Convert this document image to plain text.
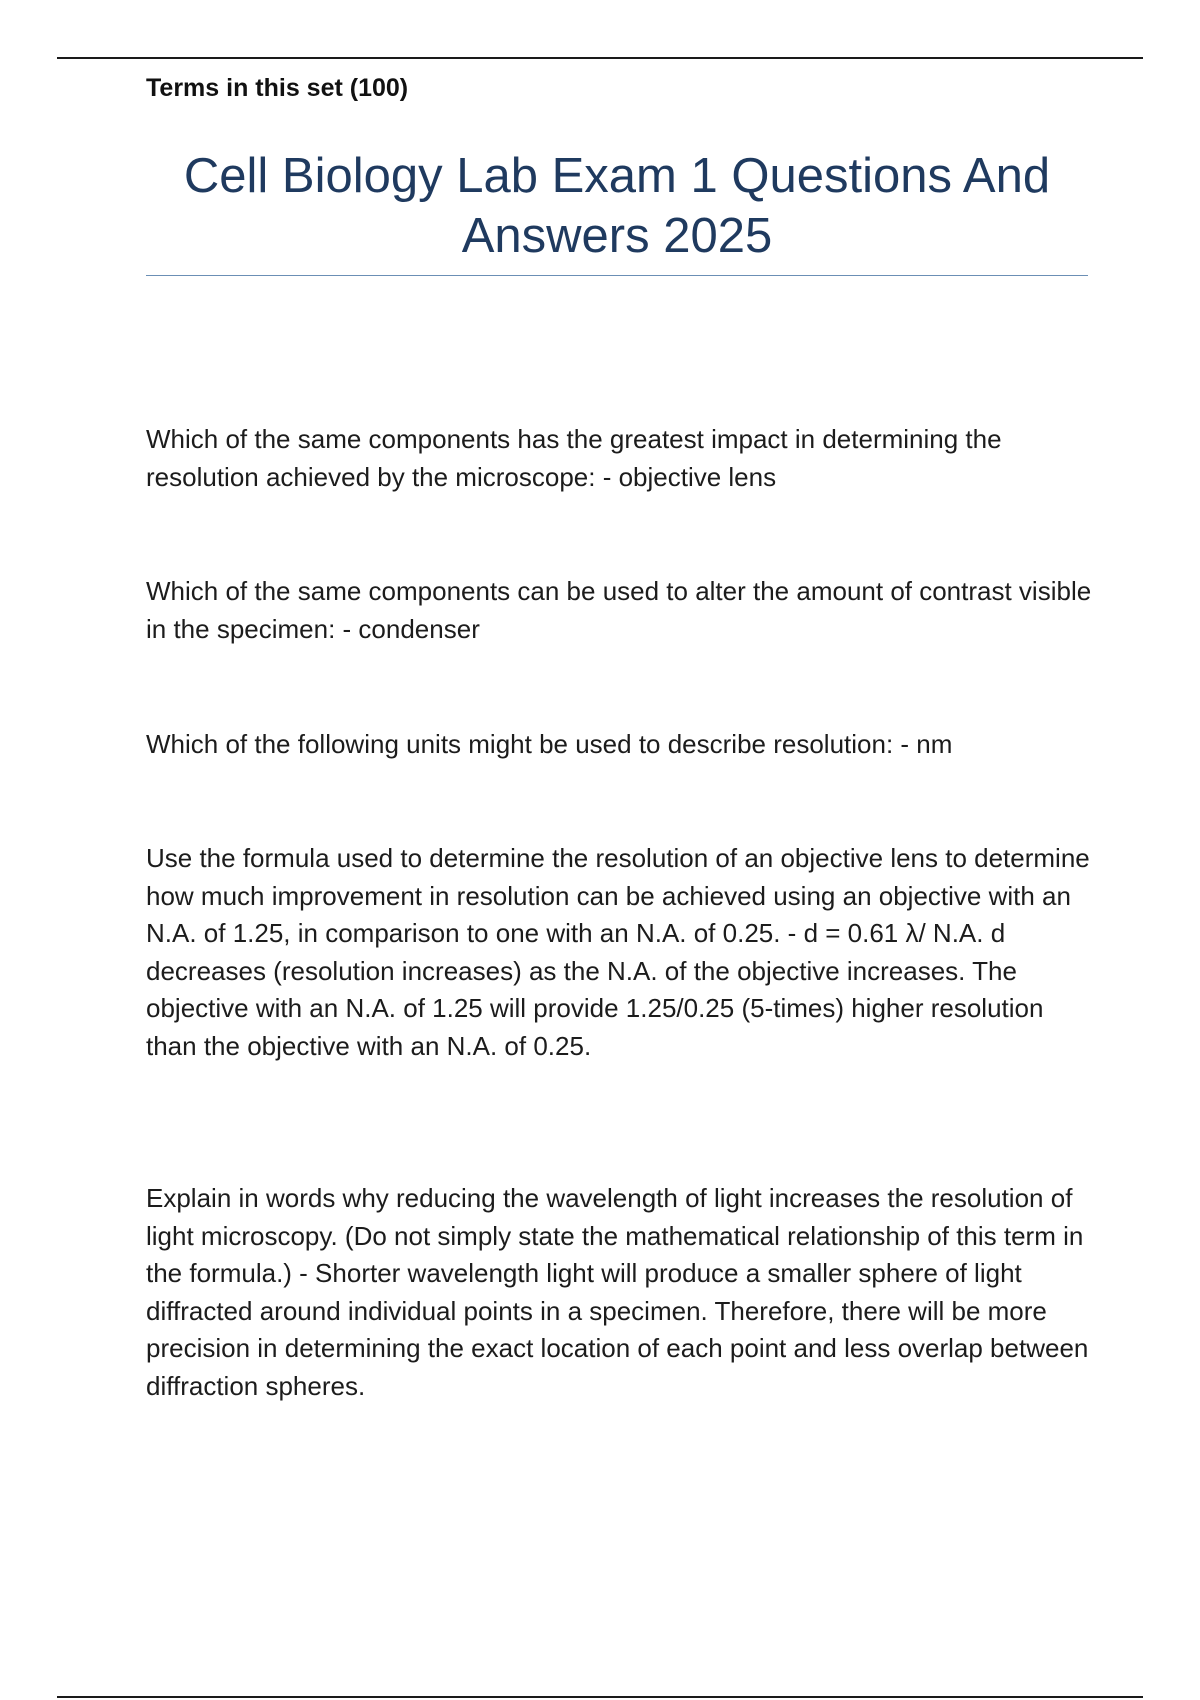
Terms in this set (100)

Cell Biology Lab Exam 1 Questions And Answers 2025

Which of the same components has the greatest impact in determining the resolution achieved by the microscope: - objective lens

Which of the same components can be used to alter the amount of contrast visible in the specimen: - condenser

Which of the following units might be used to describe resolution: - nm

Use the formula used to determine the resolution of an objective lens to determine how much improvement in resolution can be achieved using an objective with an N.A. of 1.25, in comparison to one with an N.A. of 0.25. - d = 0.61 λ/ N.A. d decreases (resolution increases) as the N.A. of the objective increases. The objective with an N.A. of 1.25 will provide 1.25/0.25 (5-times) higher resolution than the objective with an N.A. of 0.25.

Explain in words why reducing the wavelength of light increases the resolution of light microscopy. (Do not simply state the mathematical relationship of this term in the formula.) - Shorter wavelength light will produce a smaller sphere of light diffracted around individual points in a specimen. Therefore, there will be more precision in determining the exact location of each point and less overlap between diffraction spheres.
